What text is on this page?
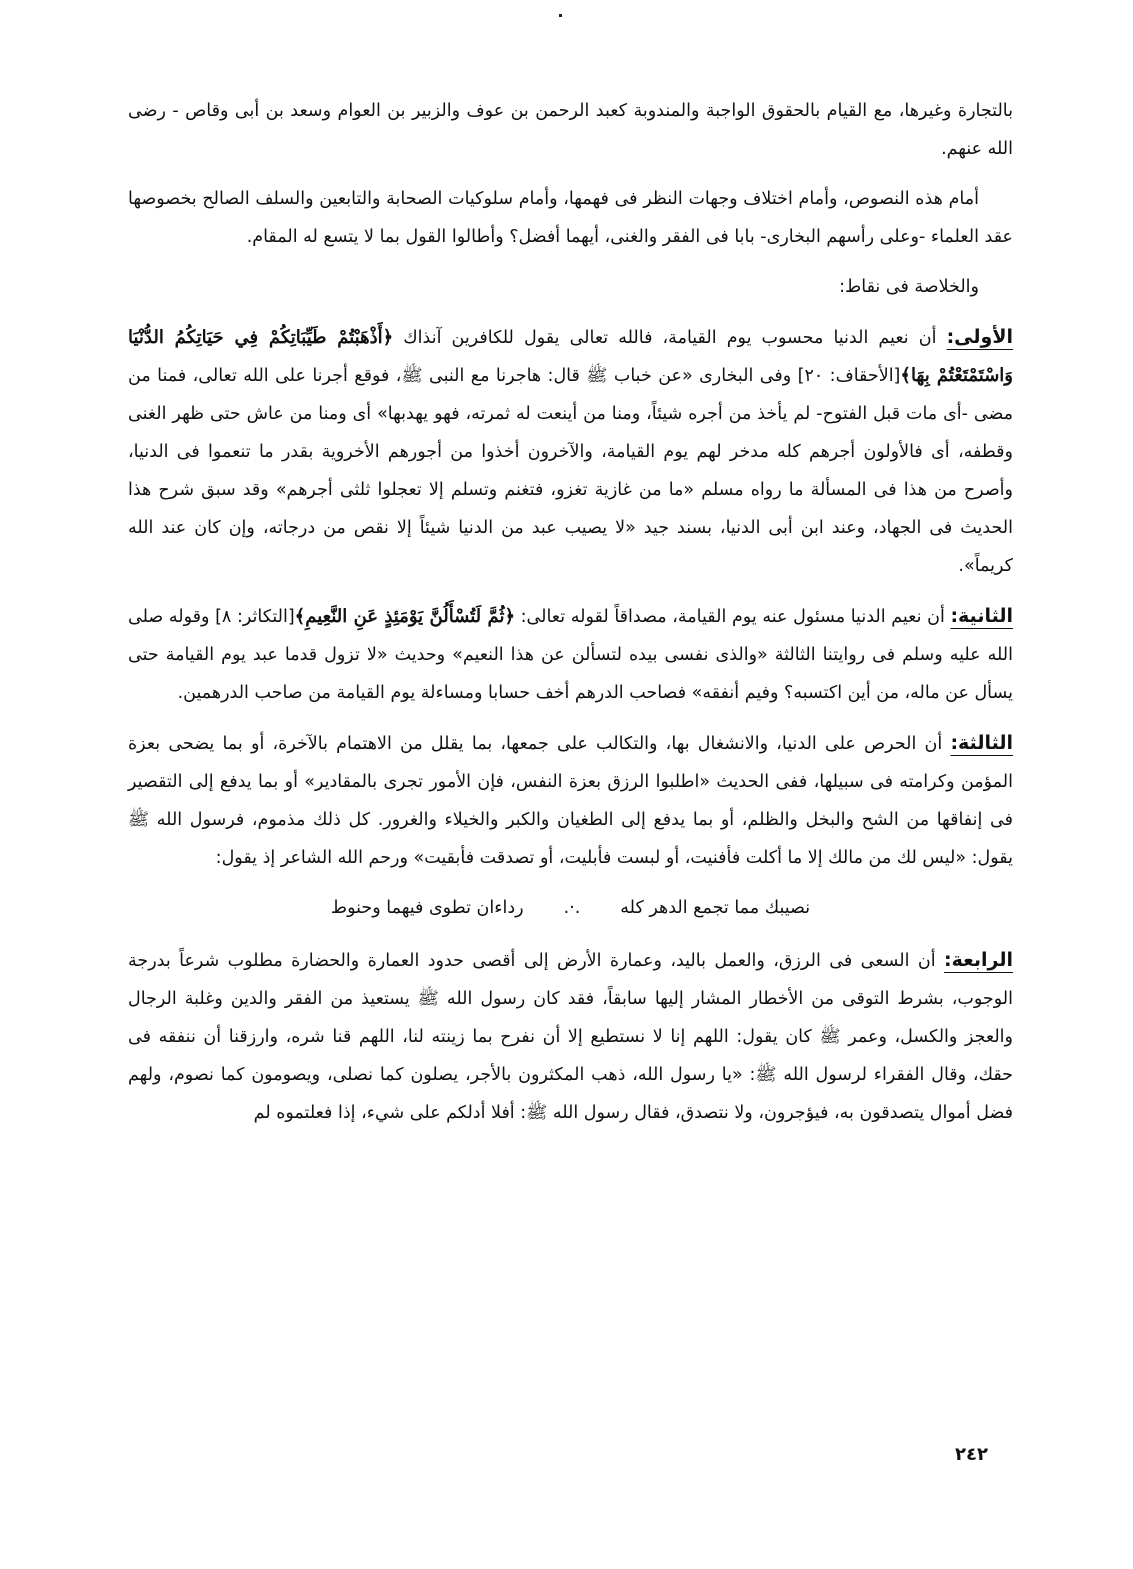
بالتجارة وغيرها، مع القيام بالحقوق الواجبة والمندوبة كعبد الرحمن بن عوف والزبير بن العوام وسعد بن أبى وقاص - رضى الله عنهم.

أمام هذه النصوص، وأمام اختلاف وجهات النظر فى فهمها، وأمام سلوكيات الصحابة والتابعين والسلف الصالح بخصوصها عقد العلماء -وعلى رأسهم البخارى- بابا فى الفقر والغنى، أيهما أفضل؟ وأطالوا القول بما لا يتسع له المقام.

والخلاصة فى نقاط:

الأولى: أن نعيم الدنيا محسوب يوم القيامة، فالله تعالى يقول للكافرين آنذاك ﴿أَذْهَبْتُمْ طَيِّبَاتِكُمْ فِي حَيَاتِكُمُ الدُّنْيَا وَاسْتَمْتَعْتُمْ بِهَا﴾[الأحقاف: ٢٠] وفى البخارى «عن خباب ﷺ قال: هاجرنا مع النبى ﷺ، فوقع أجرنا على الله تعالى، فمنا من مضى -أى مات قبل الفتوح- لم يأخذ من أجره شيئاً، ومنا من أينعت له ثمرته، فهو يهدبها» أى ومنا من عاش حتى ظهر الغنى وقطفه، أى فالأولون أجرهم كله مدخر لهم يوم القيامة، والآخرون أخذوا من أجورهم الأخروية بقدر ما تنعموا فى الدنيا، وأصرح من هذا فى المسألة ما رواه مسلم «ما من غازية تغزو، فتغنم وتسلم إلا تعجلوا ثلثى أجرهم» وقد سبق شرح هذا الحديث فى الجهاد، وعند ابن أبى الدنيا، بسند جيد «لا يصيب عبد من الدنيا شيئاً إلا نقص من درجاته، وإن كان عند الله كريماً».

الثانية: أن نعيم الدنيا مسئول عنه يوم القيامة، مصداقاً لقوله تعالى: ﴿ثُمَّ لَتُسْأَلُنَّ يَوْمَئِذٍ عَنِ النَّعِيمِ﴾[التكاثر: ٨] وقوله صلى الله عليه وسلم فى روايتنا الثالثة «والذى نفسى بيده لتسألن عن هذا النعيم» وحديث «لا تزول قدما عبد يوم القيامة حتى يسأل عن ماله، من أين اكتسبه؟ وفيم أنفقه» فصاحب الدرهم أخف حسابا ومساءلة يوم القيامة من صاحب الدرهمين.

الثالثة: أن الحرص على الدنيا، والانشغال بها، والتكالب على جمعها، بما يقلل من الاهتمام بالآخرة، أو بما يضحى بعزة المؤمن وكرامته فى سبيلها، ففى الحديث «اطلبوا الرزق بعزة النفس، فإن الأمور تجرى بالمقادير» أو بما يدفع إلى التقصير فى إنفاقها من الشح والبخل والظلم، أو بما يدفع إلى الطغيان والكبر والخيلاء والغرور. كل ذلك مذموم، فرسول الله ﷺ يقول: «ليس لك من مالك إلا ما أكلت فأفنيت، أو لبست فأبليت، أو تصدقت فأبقيت» ورحم الله الشاعر إذ يقول:

نصيبك مما تجمع الدهر كله
.·.
رداءان تطوى فيهما وحنوط

الرابعة: أن السعى فى الرزق، والعمل باليد، وعمارة الأرض إلى أقصى حدود العمارة والحضارة مطلوب شرعاً بدرجة الوجوب، بشرط التوقى من الأخطار المشار إليها سابقاً، فقد كان رسول الله ﷺ يستعيذ من الفقر والدين وغلبة الرجال والعجز والكسل، وعمر ﷺ كان يقول: اللهم إنا لا نستطيع إلا أن نفرح بما زينته لنا، اللهم قنا شره، وارزقنا أن ننفقه فى حقك، وقال الفقراء لرسول الله ﷺ: «يا رسول الله، ذهب المكثرون بالأجر، يصلون كما نصلى، ويصومون كما نصوم، ولهم فضل أموال يتصدقون به، فيؤجرون، ولا نتصدق، فقال رسول الله ﷺ: أفلا أدلكم على شيء، إذا فعلتموه لم

٢٤٢
